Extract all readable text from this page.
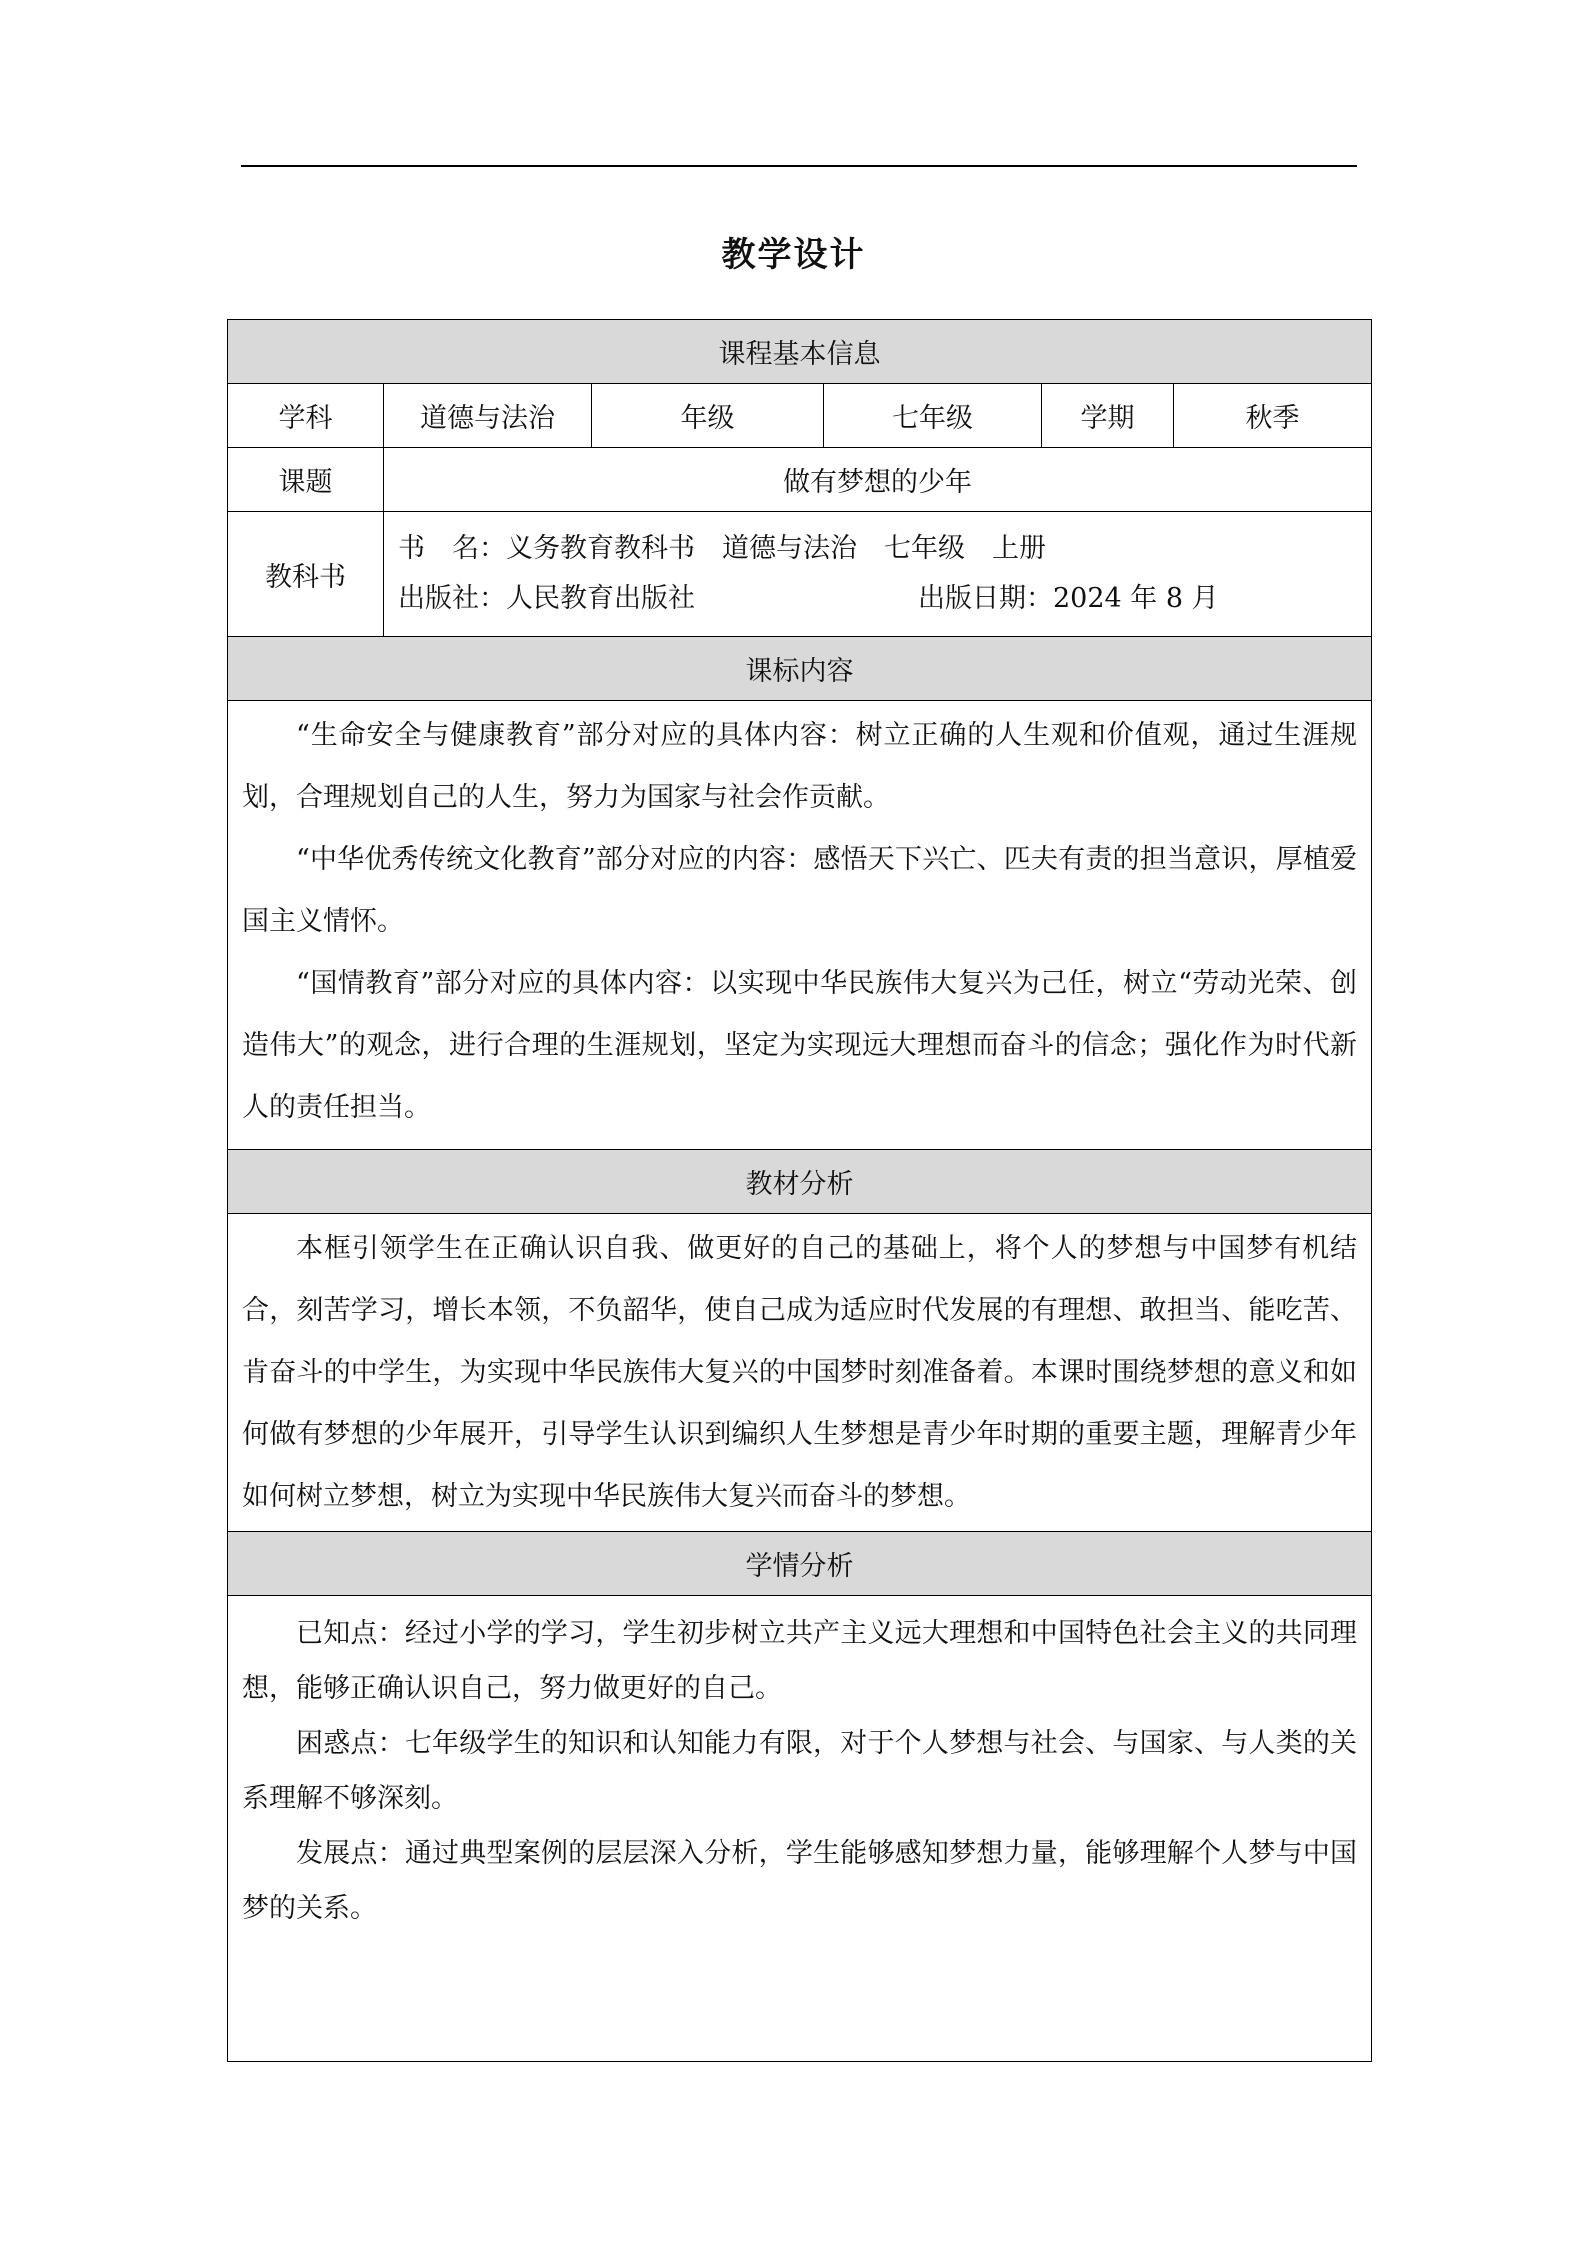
教学设计
课程基本信息					
学科	道德与法治	年级	七年级	学期	秋季
课题	做有梦想的少年				
教科书	书　名：义务教育教科书　道德与法治　七年级　上册
出版社：人民教育出版社 出版日期：2024 年 8 月				

课标内容					

“生命安全与健康教育”部分对应的具体内容：树立正确的人生观和价值观，通过生涯规划，合理规划自己的人生，努力为国家与社会作贡献。

“中华优秀传统文化教育”部分对应的内容：感悟天下兴亡、匹夫有责的担当意识，厚植爱国主义情怀。

“国情教育”部分对应的具体内容：以实现中华民族伟大复兴为己任，树立“劳动光荣、创造伟大”的观念，进行合理的生涯规划，坚定为实现远大理想而奋斗的信念；强化作为时代新人的责任担当。					

教材分析					

本框引领学生在正确认识自我、做更好的自己的基础上，将个人的梦想与中国梦有机结合，刻苦学习，增长本领，不负韶华，使自己成为适应时代发展的有理想、敢担当、能吃苦、肯奋斗的中学生，为实现中华民族伟大复兴的中国梦时刻准备着。本课时围绕梦想的意义和如何做有梦想的少年展开，引导学生认识到编织人生梦想是青少年时期的重要主题，理解青少年如何树立梦想，树立为实现中华民族伟大复兴而奋斗的梦想。					

学情分析					

已知点：经过小学的学习，学生初步树立共产主义远大理想和中国特色社会主义的共同理想，能够正确认识自己，努力做更好的自己。

困惑点：七年级学生的知识和认知能力有限，对于个人梦想与社会、与国家、与人类的关系理解不够深刻。

发展点：通过典型案例的层层深入分析，学生能够感知梦想力量，能够理解个人梦与中国梦的关系。					
